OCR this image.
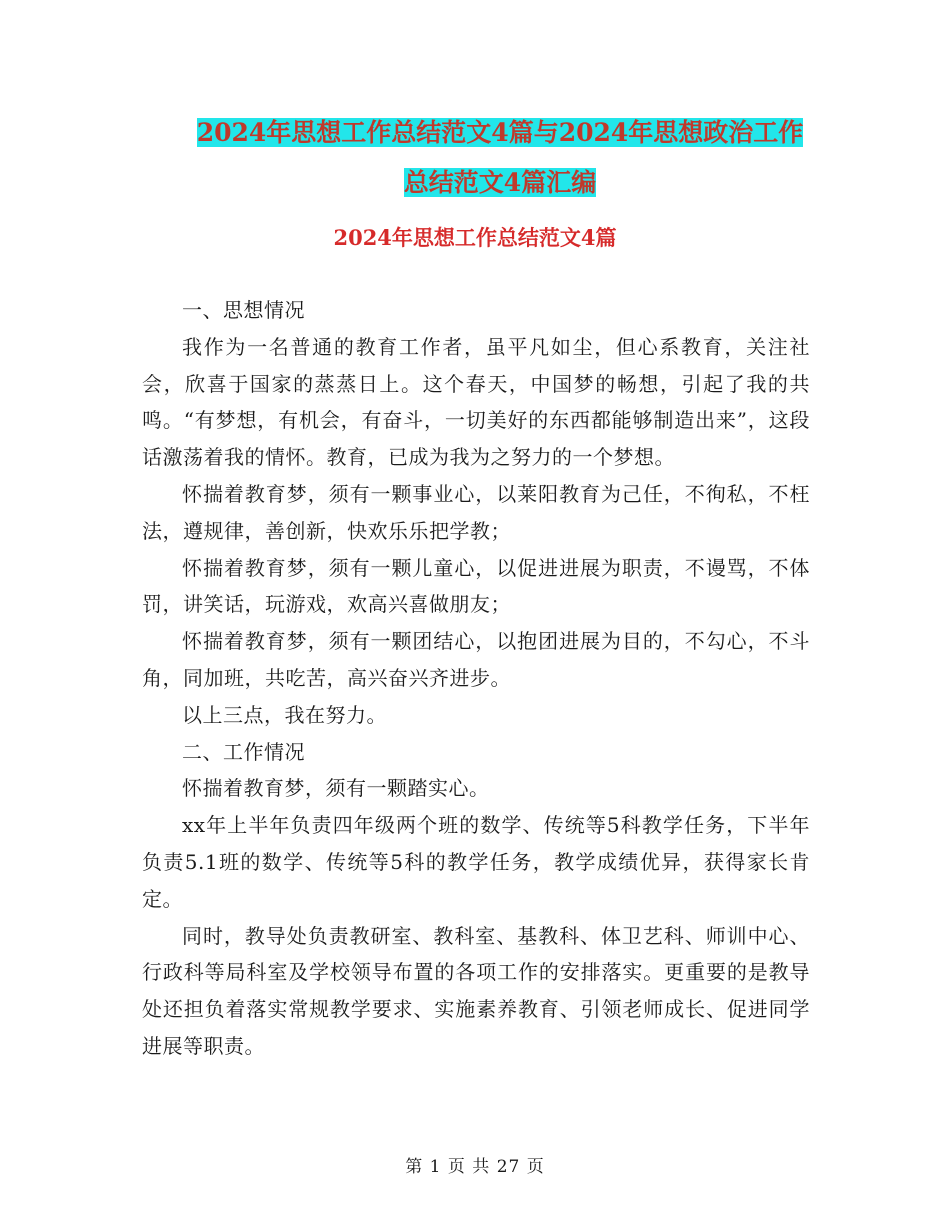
2024年思想工作总结范文4篇与2024年思想政治工作
总结范文4篇汇编
2024年思想工作总结范文4篇

一、思想情况

我作为一名普通的教育工作者，虽平凡如尘，但心系教育，关注社会，欣喜于国家的蒸蒸日上。这个春天，中国梦的畅想，引起了我的共鸣。“有梦想，有机会，有奋斗，一切美好的东西都能够制造出来”，这段话激荡着我的情怀。教育，已成为我为之努力的一个梦想。

怀揣着教育梦，须有一颗事业心，以莱阳教育为己任，不徇私，不枉法，遵规律，善创新，快欢乐乐把学教；

怀揣着教育梦，须有一颗儿童心，以促进进展为职责，不谩骂，不体罚，讲笑话，玩游戏，欢高兴喜做朋友；

怀揣着教育梦，须有一颗团结心，以抱团进展为目的，不勾心，不斗角，同加班，共吃苦，高兴奋兴齐进步。

以上三点，我在努力。

二、工作情况

怀揣着教育梦，须有一颗踏实心。

xx年上半年负责四年级两个班的数学、传统等5科教学任务，下半年负责5.1班的数学、传统等5科的教学任务，教学成绩优异，获得家长肯定。

同时，教导处负责教研室、教科室、基教科、体卫艺科、师训中心、行政科等局科室及学校领导布置的各项工作的安排落实。更重要的是教导处还担负着落实常规教学要求、实施素养教育、引领老师成长、促进同学进展等职责。

第 1 页 共 27 页
